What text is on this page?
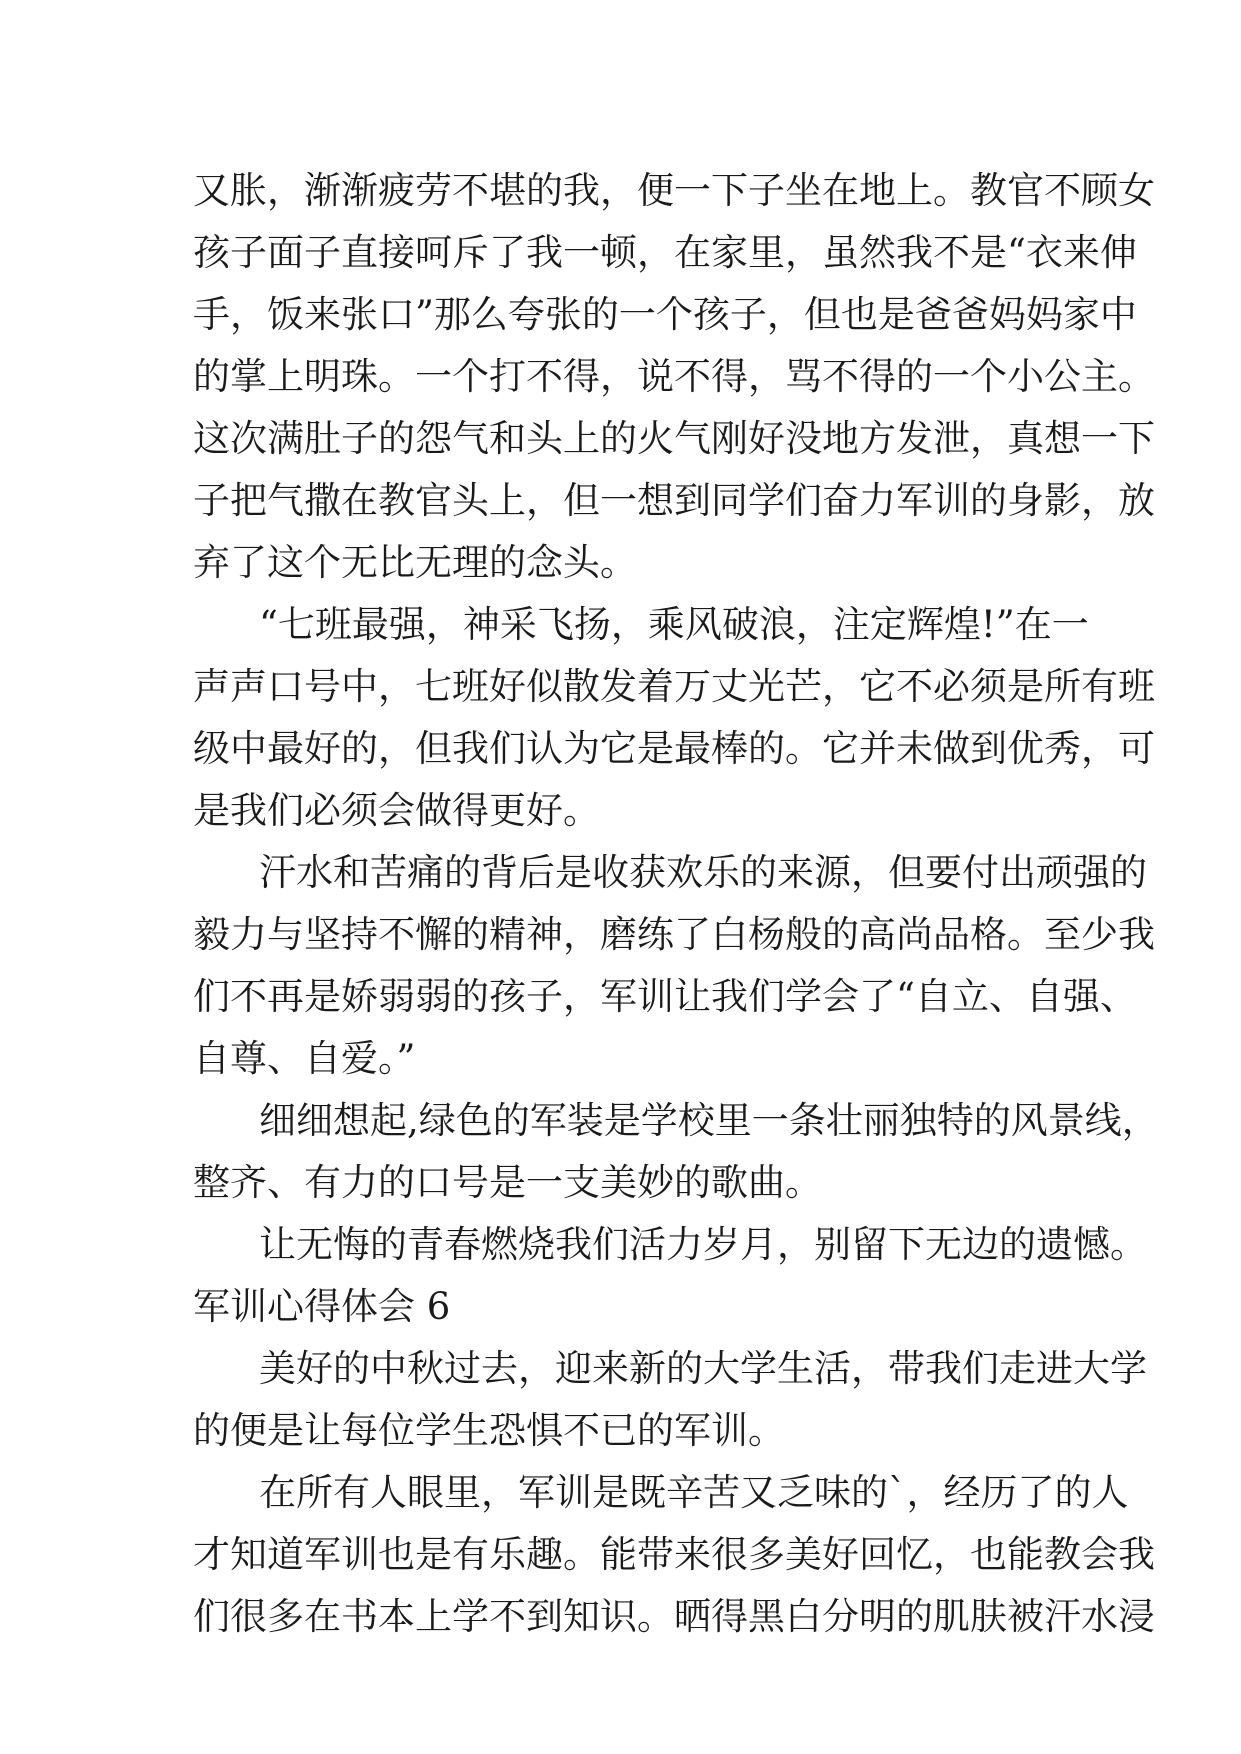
又胀，渐渐疲劳不堪的我，便一下子坐在地上。教官不顾女

孩子面子直接呵斥了我一顿，在家里，虽然我不是“衣来伸

手，饭来张口”那么夸张的一个孩子，但也是爸爸妈妈家中

的掌上明珠。一个打不得，说不得，骂不得的一个小公主。

这次满肚子的怨气和头上的火气刚好没地方发泄，真想一下

子把气撒在教官头上，但一想到同学们奋力军训的身影，放

弃了这个无比无理的念头。

“七班最强，神采飞扬，乘风破浪，注定辉煌!”在一

声声口号中，七班好似散发着万丈光芒，它不必须是所有班

级中最好的，但我们认为它是最棒的。它并未做到优秀，可

是我们必须会做得更好。

汗水和苦痛的背后是收获欢乐的来源，但要付出顽强的

毅力与坚持不懈的精神，磨练了白杨般的高尚品格。至少我

们不再是娇弱弱的孩子，军训让我们学会了“自立、自强、

自尊、自爱。”

细细想起,绿色的军装是学校里一条壮丽独特的风景线，

整齐、有力的口号是一支美妙的歌曲。

让无悔的青春燃烧我们活力岁月，别留下无边的遗憾。

军训心得体会 6

美好的中秋过去，迎来新的大学生活，带我们走进大学

的便是让每位学生恐惧不已的军训。

在所有人眼里，军训是既辛苦又乏味的`，经历了的人

才知道军训也是有乐趣。能带来很多美好回忆，也能教会我

们很多在书本上学不到知识。晒得黑白分明的肌肤被汗水浸
